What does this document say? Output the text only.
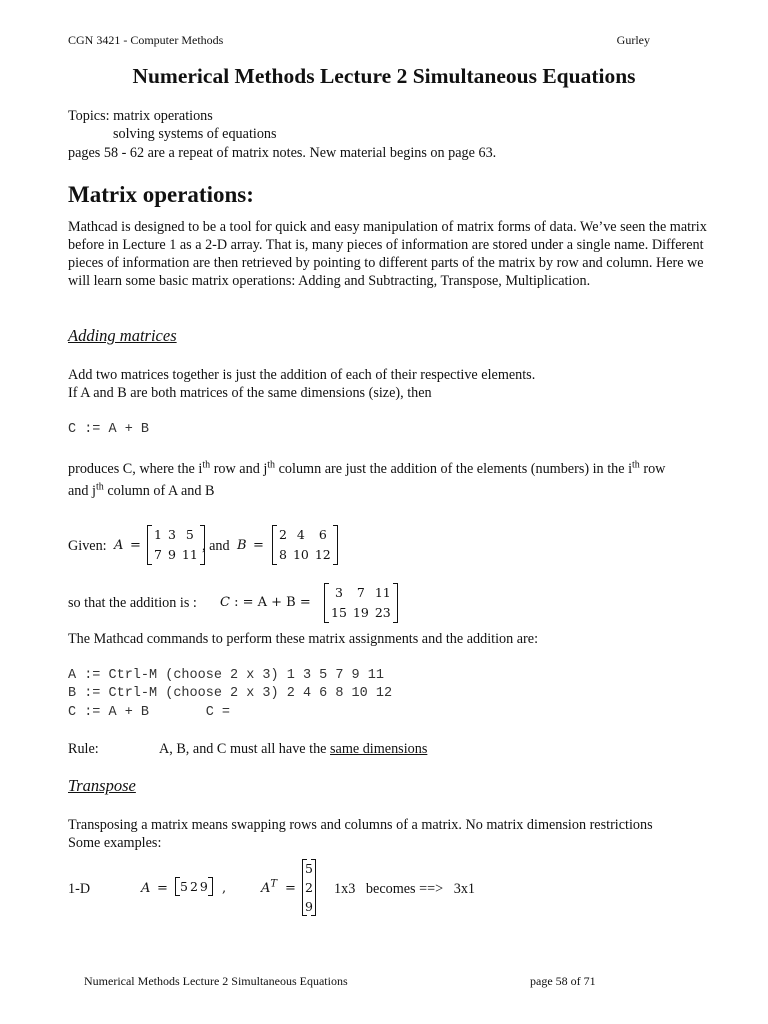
CGN 3421 - Computer Methods	Gurley
Numerical Methods Lecture 2 Simultaneous Equations
Topics: matrix operations
solving systems of equations
pages 58 - 62 are a repeat of matrix notes. New material begins on page 63.
Matrix operations:
Mathcad is designed to be a tool for quick and easy manipulation of matrix forms of data. We’ve seen the matrix before in Lecture 1 as a 2-D array. That is, many pieces of information are stored under a single name. Different pieces of information are then retrieved by pointing to different parts of the matrix by row and column. Here we will learn some basic matrix operations: Adding and Subtracting, Transpose, Multiplication.
Adding matrices
Add two matrices together is just the addition of each of their respective elements.
If A and B are both matrices of the same dimensions (size), then
C := A + B
produces C, where the $i^{th}$ row and $j^{th}$ column are just the addition of the elements (numbers) in the $i^{th}$ row
and $j^{th}$ column of A and B
Given: A =
1	3	5
7	9	11
, and B =
2	4	6
8	10	12
so that the addition is : C : = A + B =
3	7	11
15	19	23
The Mathcad commands to perform these matrix assignments and the addition are:
A := Ctrl-M (choose 2 x 3) 1 3 5 7 9 11
B := Ctrl-M (choose 2 x 3) 2 4 6 8 10 12
C := A + B       C =
Rule:	A, B, and C must all have the same dimensions
Transpose
Transposing a matrix means swapping rows and columns of a matrix. No matrix dimension restrictions
Some examples:
1-D	A = 5	2	9 ,	$A^T$ =
5
2
9
1x3   becomes ==>   3x1
Numerical Methods Lecture 2 Simultaneous Equations	page 58 of 71
